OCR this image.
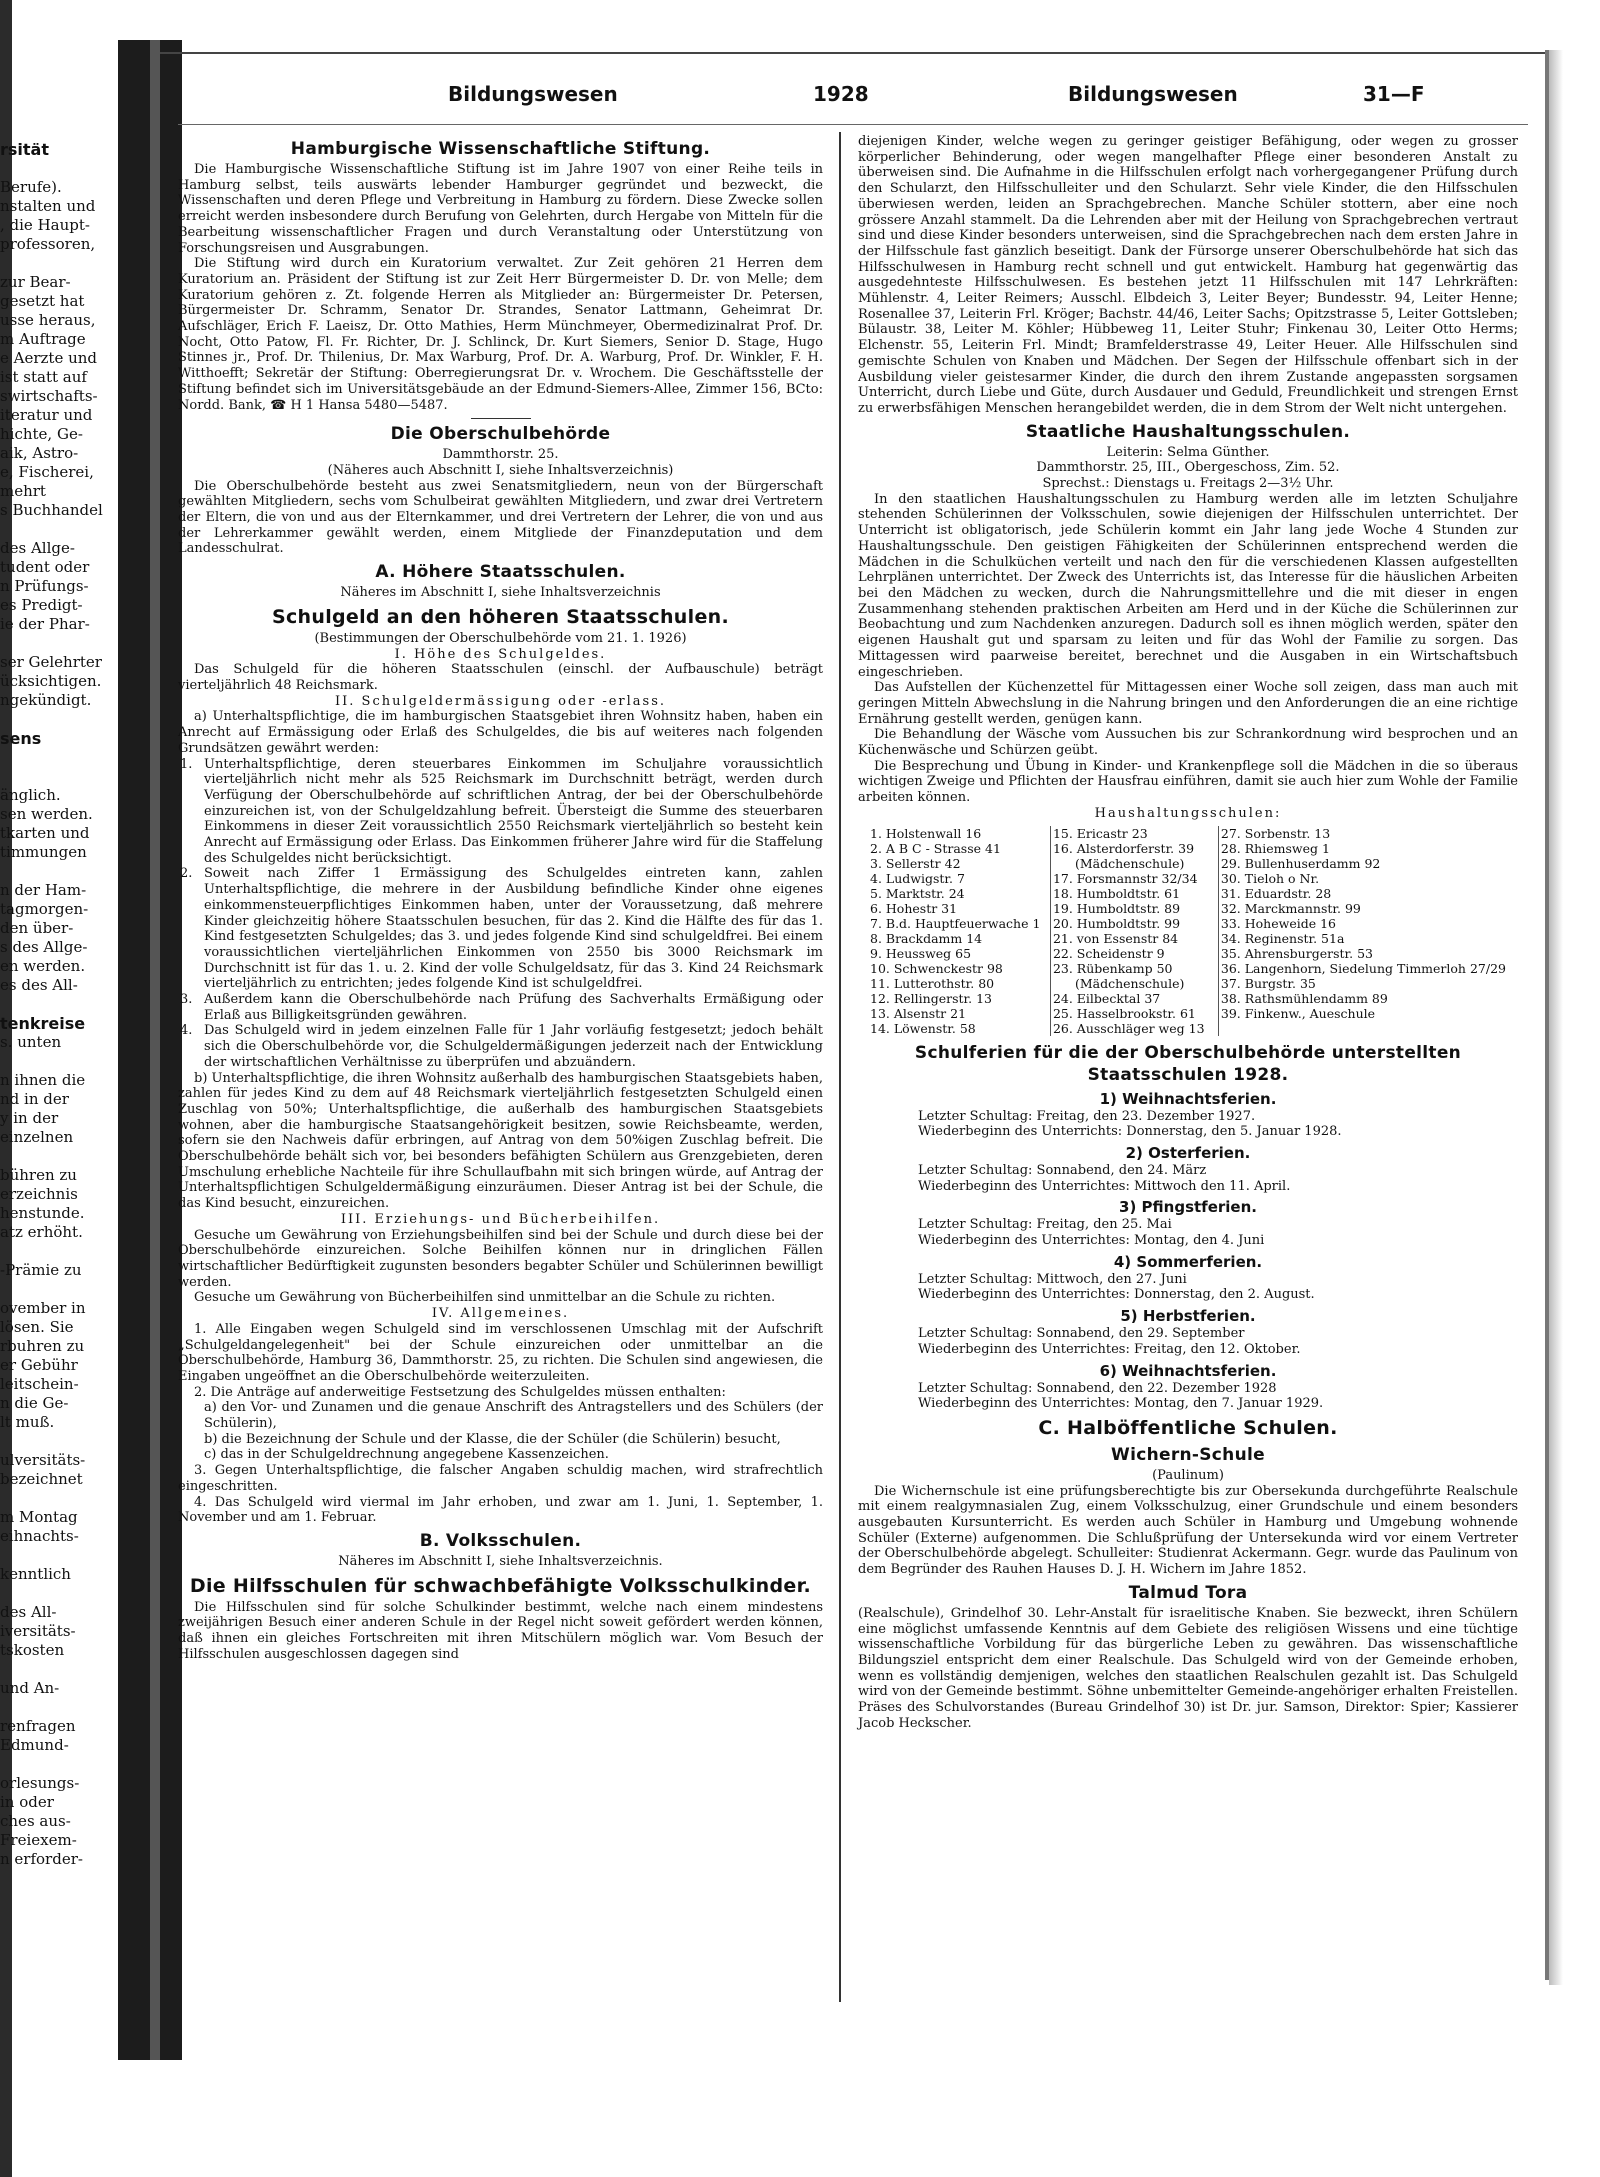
rsität
Berufe).
nstalten und
, die Haupt-
professoren,
zur Bear-
gesetzt hat
usse heraus,
m Auftrage
e Aerzte und
ist statt auf
swirtschafts-
iteratur und
hichte, Ge-
aik, Astro-
e, Fischerei,
mehrt
s Buchhandel
des Allge-
tudent oder
n Prüfungs-
es Predigt-
ie der Phar-
ser Gelehrter
ücksichtigen.
ngekündigt.
sens
änglich.
sen werden.
tkarten und
timmungen
n der Ham-
tagmorgen-
den über-
s des Allge-
en werden.
es des All-
tenkreise
s. unten
n ihnen die
nd in der
y in der
einzelnen
bühren zu
erzeichnis
henstunde.
atz erhöht.
-Prämie zu
ovember in
lösen. Sie
rbuhren zu
er Gebühr
leitschein-
n die Ge-
lt muß.
ulversitäts-
bezeichnet
m Montag
eihnachts-
kenntlich
des All-
iversitäts-
tskosten
und An-
renfragen
Edmund-
orlesungs-
in oder
ches aus-
Freiexem-
n erforder-
Bildungswesen	1928	Bildungswesen	31—F
Hamburgische Wissenschaftliche Stiftung.

Die Hamburgische Wissenschaftliche Stiftung ist im Jahre 1907 von einer Reihe teils in Hamburg selbst, teils auswärts lebender Hamburger gegründet und bezweckt, die Wissenschaften und deren Pflege und Verbreitung in Hamburg zu fördern. Diese Zwecke sollen erreicht werden insbesondere durch Berufung von Gelehrten, durch Hergabe von Mitteln für die Bearbeitung wissenschaftlicher Fragen und durch Veranstaltung oder Unterstützung von Forschungsreisen und Ausgrabungen.

Die Stiftung wird durch ein Kuratorium verwaltet. Zur Zeit gehören 21 Herren dem Kuratorium an. Präsident der Stiftung ist zur Zeit Herr Bürgermeister D. Dr. von Melle; dem Kuratorium gehören z. Zt. folgende Herren als Mitglieder an: Bürgermeister Dr. Petersen, Bürgermeister Dr. Schramm, Senator Dr. Strandes, Senator Lattmann, Geheimrat Dr. Aufschläger, Erich F. Laeisz, Dr. Otto Mathies, Herm Münchmeyer, Obermedizinalrat Prof. Dr. Nocht, Otto Patow, Fl. Fr. Richter, Dr. J. Schlinck, Dr. Kurt Siemers, Senior D. Stage, Hugo Stinnes jr., Prof. Dr. Thilenius, Dr. Max Warburg, Prof. Dr. A. Warburg, Prof. Dr. Winkler, F. H. Witthoefft; Sekretär der Stiftung: Oberregierungsrat Dr. v. Wrochem. Die Geschäftsstelle der Stiftung befindet sich im Universitätsgebäude an der Edmund-Siemers-Allee, Zimmer 156, BCto: Nordd. Bank, ☎ H 1 Hansa 5480—5487.

Die Oberschulbehörde

Dammthorstr. 25.

(Näheres auch Abschnitt I, siehe Inhaltsverzeichnis)

Die Oberschulbehörde besteht aus zwei Senatsmitgliedern, neun von der Bürgerschaft gewählten Mitgliedern, sechs vom Schulbeirat gewählten Mitgliedern, und zwar drei Vertretern der Eltern, die von und aus der Elternkammer, und drei Vertretern der Lehrer, die von und aus der Lehrerkammer gewählt werden, einem Mitgliede der Finanzdeputation und dem Landesschulrat.

A. Höhere Staatsschulen.

Näheres im Abschnitt I, siehe Inhaltsverzeichnis

Schulgeld an den höheren Staatsschulen.

(Bestimmungen der Oberschulbehörde vom 21. 1. 1926)

I. Höhe des Schulgeldes.

Das Schulgeld für die höheren Staatsschulen (einschl. der Aufbauschule) beträgt vierteljährlich 48 Reichsmark.

II. Schulgeldermässigung oder -erlass.

a) Unterhaltspflichtige, die im hamburgischen Staatsgebiet ihren Wohnsitz haben, haben ein Anrecht auf Ermässigung oder Erlaß des Schulgeldes, die bis auf weiteres nach folgenden Grundsätzen gewährt werden:

1. Unterhaltspflichtige, deren steuerbares Einkommen im Schuljahre voraussichtlich vierteljährlich nicht mehr als 525 Reichsmark im Durchschnitt beträgt, werden durch Verfügung der Oberschulbehörde auf schriftlichen Antrag, der bei der Oberschulbehörde einzureichen ist, von der Schulgeldzahlung befreit. Übersteigt die Summe des steuerbaren Einkommens in dieser Zeit voraussichtlich 2550 Reichsmark vierteljährlich so besteht kein Anrecht auf Ermässigung oder Erlass. Das Einkommen früherer Jahre wird für die Staffelung des Schulgeldes nicht berücksichtigt.

2. Soweit nach Ziffer 1 Ermässigung des Schulgeldes eintreten kann, zahlen Unterhaltspflichtige, die mehrere in der Ausbildung befindliche Kinder ohne eigenes einkommensteuerpflichtiges Einkommen haben, unter der Voraussetzung, daß mehrere Kinder gleichzeitig höhere Staatsschulen besuchen, für das 2. Kind die Hälfte des für das 1. Kind festgesetzten Schulgeldes; das 3. und jedes folgende Kind sind schulgeldfrei. Bei einem voraussichtlichen vierteljährlichen Einkommen von 2550 bis 3000 Reichsmark im Durchschnitt ist für das 1. u. 2. Kind der volle Schulgeldsatz, für das 3. Kind 24 Reichsmark vierteljährlich zu entrichten; jedes folgende Kind ist schulgeldfrei.

3. Außerdem kann die Oberschulbehörde nach Prüfung des Sachverhalts Ermäßigung oder Erlaß aus Billigkeitsgründen gewähren.

4. Das Schulgeld wird in jedem einzelnen Falle für 1 Jahr vorläufig festgesetzt; jedoch behält sich die Oberschulbehörde vor, die Schulgeldermäßigungen jederzeit nach der Entwicklung der wirtschaftlichen Verhältnisse zu überprüfen und abzuändern.

b) Unterhaltspflichtige, die ihren Wohnsitz außerhalb des hamburgischen Staatsgebiets haben, zahlen für jedes Kind zu dem auf 48 Reichsmark vierteljährlich festgesetzten Schulgeld einen Zuschlag von 50%; Unterhaltspflichtige, die außerhalb des hamburgischen Staatsgebiets wohnen, aber die hamburgische Staatsangehörigkeit besitzen, sowie Reichsbeamte, werden, sofern sie den Nachweis dafür erbringen, auf Antrag von dem 50%igen Zuschlag befreit. Die Oberschulbehörde behält sich vor, bei besonders befähigten Schülern aus Grenzgebieten, deren Umschulung erhebliche Nachteile für ihre Schullaufbahn mit sich bringen würde, auf Antrag der Unterhaltspflichtigen Schulgeldermäßigung einzuräumen. Dieser Antrag ist bei der Schule, die das Kind besucht, einzureichen.

III. Erziehungs- und Bücherbeihilfen.

Gesuche um Gewährung von Erziehungsbeihilfen sind bei der Schule und durch diese bei der Oberschulbehörde einzureichen. Solche Beihilfen können nur in dringlichen Fällen wirtschaftlicher Bedürftigkeit zugunsten besonders begabter Schüler und Schülerinnen bewilligt werden.

Gesuche um Gewährung von Bücherbeihilfen sind unmittelbar an die Schule zu richten.

IV. Allgemeines.

1. Alle Eingaben wegen Schulgeld sind im verschlossenen Umschlag mit der Aufschrift „Schulgeldangelegenheit" bei der Schule einzureichen oder unmittelbar an die Oberschulbehörde, Hamburg 36, Dammthorstr. 25, zu richten. Die Schulen sind angewiesen, die Eingaben ungeöffnet an die Oberschulbehörde weiterzuleiten.

2. Die Anträge auf anderweitige Festsetzung des Schulgeldes müssen enthalten:

a) den Vor- und Zunamen und die genaue Anschrift des Antragstellers und des Schülers (der Schülerin),

b) die Bezeichnung der Schule und der Klasse, die der Schüler (die Schülerin) besucht,

c) das in der Schulgeldrechnung angegebene Kassenzeichen.

3. Gegen Unterhaltspflichtige, die falscher Angaben schuldig machen, wird strafrechtlich eingeschritten.

4. Das Schulgeld wird viermal im Jahr erhoben, und zwar am 1. Juni, 1. September, 1. November und am 1. Februar.

B. Volksschulen.

Näheres im Abschnitt I, siehe Inhaltsverzeichnis.

Die Hilfsschulen für schwachbefähigte Volksschulkinder.

Die Hilfsschulen sind für solche Schulkinder bestimmt, welche nach einem mindestens zweijährigen Besuch einer anderen Schule in der Regel nicht soweit gefördert werden können, daß ihnen ein gleiches Fortschreiten mit ihren Mitschülern möglich war. Vom Besuch der Hilfsschulen ausgeschlossen dagegen sind

diejenigen Kinder, welche wegen zu geringer geistiger Befähigung, oder wegen zu grosser körperlicher Behinderung, oder wegen mangelhafter Pflege einer besonderen Anstalt zu überweisen sind. Die Aufnahme in die Hilfsschulen erfolgt nach vorhergegangener Prüfung durch den Schularzt, den Hilfsschulleiter und den Schularzt. Sehr viele Kinder, die den Hilfsschulen überwiesen werden, leiden an Sprachgebrechen. Manche Schüler stottern, aber eine noch grössere Anzahl stammelt. Da die Lehrenden aber mit der Heilung von Sprachgebrechen vertraut sind und diese Kinder besonders unterweisen, sind die Sprachgebrechen nach dem ersten Jahre in der Hilfsschule fast gänzlich beseitigt. Dank der Fürsorge unserer Oberschulbehörde hat sich das Hilfsschulwesen in Hamburg recht schnell und gut entwickelt. Hamburg hat gegenwärtig das ausgedehnteste Hilfsschulwesen. Es bestehen jetzt 11 Hilfsschulen mit 147 Lehrkräften: Mühlenstr. 4, Leiter Reimers; Ausschl. Elbdeich 3, Leiter Beyer; Bundesstr. 94, Leiter Henne; Rosenallee 37, Leiterin Frl. Kröger; Bachstr. 44/46, Leiter Sachs; Opitzstrasse 5, Leiter Gottsleben; Bülaustr. 38, Leiter M. Köhler; Hübbeweg 11, Leiter Stuhr; Finkenau 30, Leiter Otto Herms; Elchenstr. 55, Leiterin Frl. Mindt; Bramfelderstrasse 49, Leiter Heuer. Alle Hilfsschulen sind gemischte Schulen von Knaben und Mädchen. Der Segen der Hilfsschule offenbart sich in der Ausbildung vieler geistesarmer Kinder, die durch den ihrem Zustande angepassten sorgsamen Unterricht, durch Liebe und Güte, durch Ausdauer und Geduld, Freundlichkeit und strengen Ernst zu erwerbsfähigen Menschen herangebildet werden, die in dem Strom der Welt nicht untergehen.

Staatliche Haushaltungsschulen.

Leiterin: Selma Günther.

Dammthorstr. 25, III., Obergeschoss, Zim. 52.

Sprechst.: Dienstags u. Freitags 2—3½ Uhr.

In den staatlichen Haushaltungsschulen zu Hamburg werden alle im letzten Schuljahre stehenden Schülerinnen der Volksschulen, sowie diejenigen der Hilfsschulen unterrichtet. Der Unterricht ist obligatorisch, jede Schülerin kommt ein Jahr lang jede Woche 4 Stunden zur Haushaltungsschule. Den geistigen Fähigkeiten der Schülerinnen entsprechend werden die Mädchen in die Schulküchen verteilt und nach den für die verschiedenen Klassen aufgestellten Lehrplänen unterrichtet. Der Zweck des Unterrichts ist, das Interesse für die häuslichen Arbeiten bei den Mädchen zu wecken, durch die Nahrungsmittellehre und die mit dieser in engen Zusammenhang stehenden praktischen Arbeiten am Herd und in der Küche die Schülerinnen zur Beobachtung und zum Nachdenken anzuregen. Dadurch soll es ihnen möglich werden, später den eigenen Haushalt gut und sparsam zu leiten und für das Wohl der Familie zu sorgen. Das Mittagessen wird paarweise bereitet, berechnet und die Ausgaben in ein Wirtschaftsbuch eingeschrieben.

Das Aufstellen der Küchenzettel für Mittagessen einer Woche soll zeigen, dass man auch mit geringen Mitteln Abwechslung in die Nahrung bringen und den Anforderungen die an eine richtige Ernährung gestellt werden, genügen kann.

Die Behandlung der Wäsche vom Aussuchen bis zur Schrankordnung wird besprochen und an Küchenwäsche und Schürzen geübt.

Die Besprechung und Übung in Kinder- und Krankenpflege soll die Mädchen in die so überaus wichtigen Zweige und Pflichten der Hausfrau einführen, damit sie auch hier zum Wohle der Familie arbeiten können.

Haushaltungsschulen:

1. Holstenwall 16
2. A B C - Strasse 41
3. Sellerstr 42
4. Ludwigstr. 7
5. Marktstr. 24
6. Hohestr 31
7. B.d. Hauptfeuerwache 1
8. Brackdamm 14
9. Heussweg 65
10. Schwenckestr 98
11. Lutterothstr. 80
12. Rellingerstr. 13
13. Alsenstr 21
14. Löwenstr. 58

15. Ericastr 23
16. Alsterdorferstr. 39
(Mädchenschule)
17. Forsmannstr 32/34
18. Humboldtstr. 61
19. Humboldtstr. 89
20. Humboldtstr. 99
21. von Essenstr 84
22. Scheidenstr 9
23. Rübenkamp 50
(Mädchenschule)
24. Eilbecktal 37
25. Hasselbrookstr. 61
26. Ausschläger weg 13

27. Sorbenstr. 13
28. Rhiemsweg 1
29. Bullenhuserdamm 92
30. Tieloh o Nr.
31. Eduardstr. 28
32. Marckmannstr. 99
33. Hoheweide 16
34. Reginenstr. 51a
35. Ahrensburgerstr. 53
36. Langenhorn, Siedelung Timmerloh 27/29
37. Burgstr. 35
38. Rathsmühlendamm 89
39. Finkenw., Aueschule
Schulferien für die der Oberschulbehörde unterstellten Staatsschulen 1928.
1) Weihnachtsferien.

Letzter Schultag: Freitag, den 23. Dezember 1927.

Wiederbeginn des Unterrichts: Donnerstag, den 5. Januar 1928.

2) Osterferien.

Letzter Schultag: Sonnabend, den 24. März

Wiederbeginn des Unterrichtes: Mittwoch den 11. April.

3) Pfingstferien.

Letzter Schultag: Freitag, den 25. Mai

Wiederbeginn des Unterrichtes: Montag, den 4. Juni

4) Sommerferien.

Letzter Schultag: Mittwoch, den 27. Juni

Wiederbeginn des Unterrichtes: Donnerstag, den 2. August.

5) Herbstferien.

Letzter Schultag: Sonnabend, den 29. September

Wiederbeginn des Unterrichtes: Freitag, den 12. Oktober.

6) Weihnachtsferien.

Letzter Schultag: Sonnabend, den 22. Dezember 1928

Wiederbeginn des Unterrichtes: Montag, den 7. Januar 1929.

C. Halböffentliche Schulen.
Wichern-Schule

(Paulinum)

Die Wichernschule ist eine prüfungsberechtigte bis zur Obersekunda durchgeführte Realschule mit einem realgymnasialen Zug, einem Volksschulzug, einer Grundschule und einem besonders ausgebauten Kursunterricht. Es werden auch Schüler in Hamburg und Umgebung wohnende Schüler (Externe) aufgenommen. Die Schlußprüfung der Untersekunda wird vor einem Vertreter der Oberschulbehörde abgelegt. Schulleiter: Studienrat Ackermann. Gegr. wurde das Paulinum von dem Begründer des Rauhen Hauses D. J. H. Wichern im Jahre 1852.

Talmud Tora

(Realschule), Grindelhof 30. Lehr-Anstalt für israelitische Knaben. Sie bezweckt, ihren Schülern eine möglichst umfassende Kenntnis auf dem Gebiete des religiösen Wissens und eine tüchtige wissenschaftliche Vorbildung für das bürgerliche Leben zu gewähren. Das wissenschaftliche Bildungsziel entspricht dem einer Realschule. Das Schulgeld wird von der Gemeinde erhoben, wenn es vollständig demjenigen, welches den staatlichen Realschulen gezahlt ist. Das Schulgeld wird von der Gemeinde bestimmt. Söhne unbemittelter Gemeinde-angehöriger erhalten Freistellen. Präses des Schulvorstandes (Bureau Grindelhof 30) ist Dr. jur. Samson, Direktor: Spier; Kassierer Jacob Heckscher.
